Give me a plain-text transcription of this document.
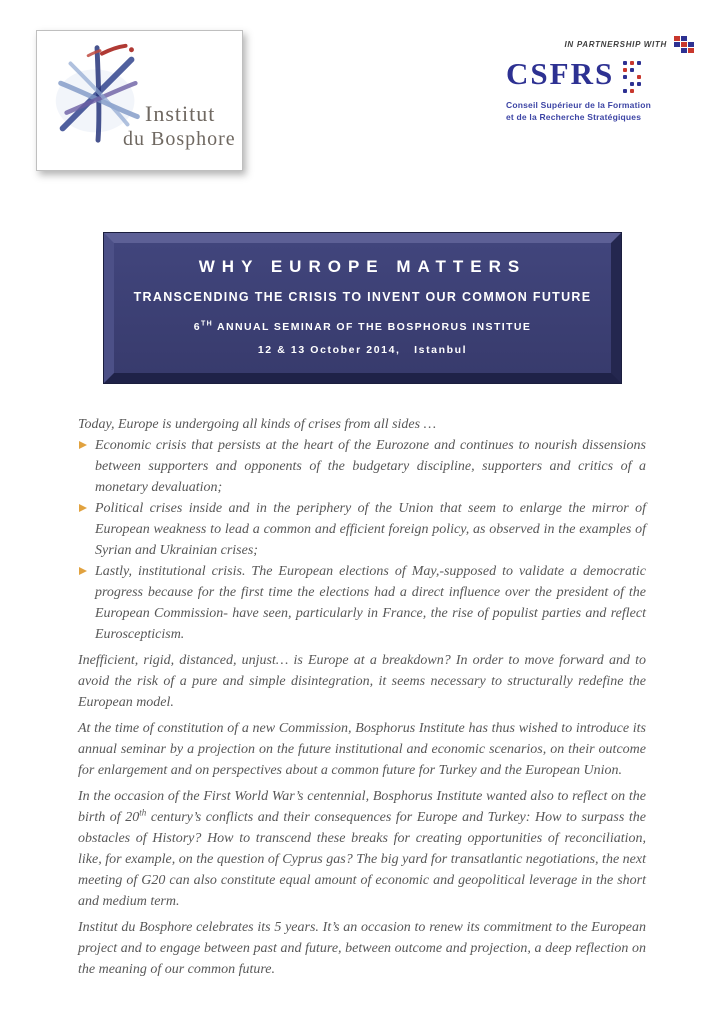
Institut
du Bosphore
IN PARTNERSHIP WITH
CSFRS
Conseil Supérieur de la Formation
et de la Recherche Stratégiques
WHY EUROPE MATTERS
TRANSCENDING THE CRISIS TO INVENT OUR COMMON FUTURE
6TH ANNUAL SEMINAR OF THE BOSPHORUS INSTITUE
12 & 13 October 2014,   Istanbul

Today, Europe is undergoing all kinds of crises from all sides …

Economic crisis that persists at the heart of the Eurozone and continues to nourish dissensions between supporters and opponents of the budgetary discipline, supporters and critics of a monetary devaluation;
Political crises inside and in the periphery of the Union that seem to enlarge the mirror of European weakness to lead a common and efficient foreign policy, as observed in the examples of Syrian and Ukrainian crises;
Lastly, institutional crisis. The European elections of May,-supposed to validate a democratic progress because for the first time the elections had a direct influence over the president of the European Commission- have seen, particularly in France, the rise of populist parties and reflect Euroscepticism.

Inefficient, rigid, distanced, unjust… is Europe at a breakdown? In order to move forward and to avoid the risk of a pure and simple disintegration, it seems necessary to structurally redefine the European model.

At the time of constitution of a new Commission, Bosphorus Institute has thus wished to introduce its annual seminar by a projection on the future institutional and economic scenarios, on their outcome for enlargement and on perspectives about a common future for Turkey and the European Union.

In the occasion of the First World War’s centennial, Bosphorus Institute wanted also to reflect on the birth of 20th century’s conflicts and their consequences for Europe and Turkey: How to surpass the obstacles of History? How to transcend these breaks for creating opportunities of reconciliation, like, for example, on the question of Cyprus gas? The big yard for transatlantic negotiations, the next meeting of G20 can also constitute equal amount of economic and geopolitical leverage in the short and medium term.

Institut du Bosphore celebrates its 5 years. It’s an occasion to renew its commitment to the European project and to engage between past and future, between outcome and projection, a deep reflection on the meaning of our common future.
